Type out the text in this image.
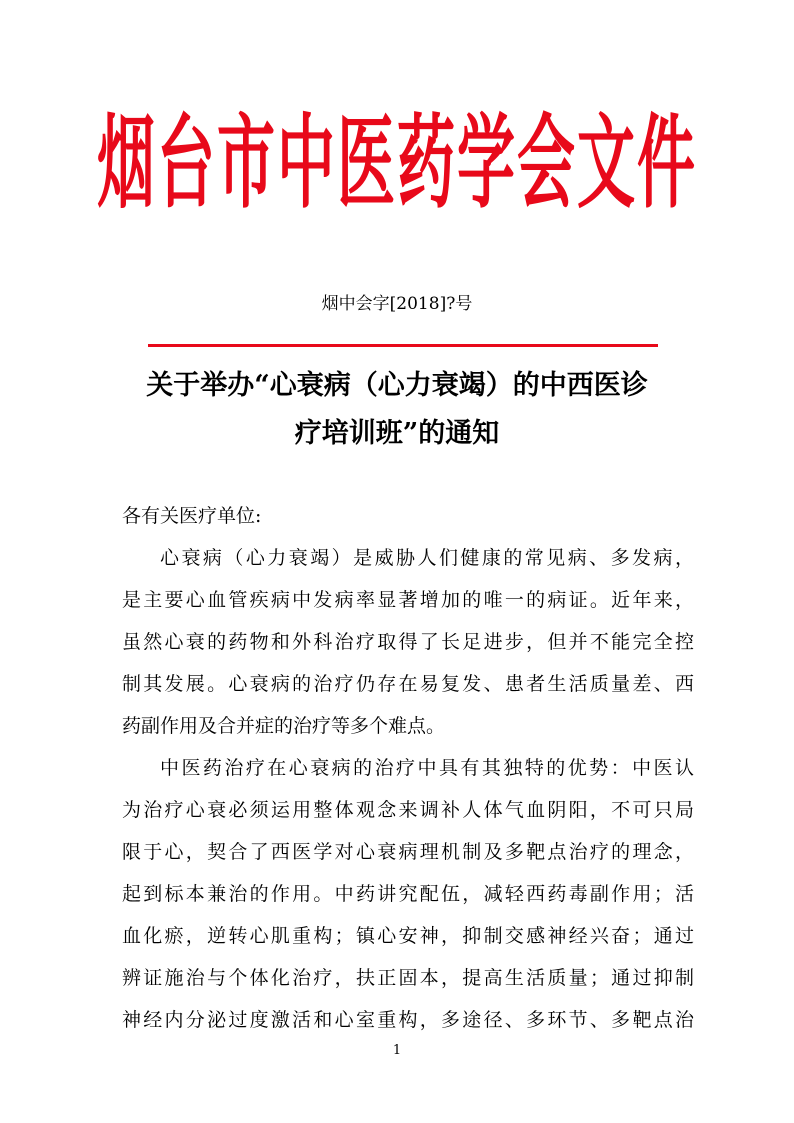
烟台市中医药学会文件
烟中会字[2018]?号
关于举办“心衰病（心力衰竭）的中西医诊
疗培训班”的通知
各有关医疗单位:
心衰病（心力衰竭）是威胁人们健康的常见病、多发病，
是主要心血管疾病中发病率显著增加的唯一的病证。近年来，
虽然心衰的药物和外科治疗取得了长足进步，但并不能完全控
制其发展。心衰病的治疗仍存在易复发、患者生活质量差、西
药副作用及合并症的治疗等多个难点。
中医药治疗在心衰病的治疗中具有其独特的优势：中医认
为治疗心衰必须运用整体观念来调补人体气血阴阳，不可只局
限于心，契合了西医学对心衰病理机制及多靶点治疗的理念，
起到标本兼治的作用。中药讲究配伍，减轻西药毒副作用；活
血化瘀，逆转心肌重构；镇心安神，抑制交感神经兴奋；通过
辨证施治与个体化治疗，扶正固本，提高生活质量；通过抑制
神经内分泌过度激活和心室重构，多途径、多环节、多靶点治
1
